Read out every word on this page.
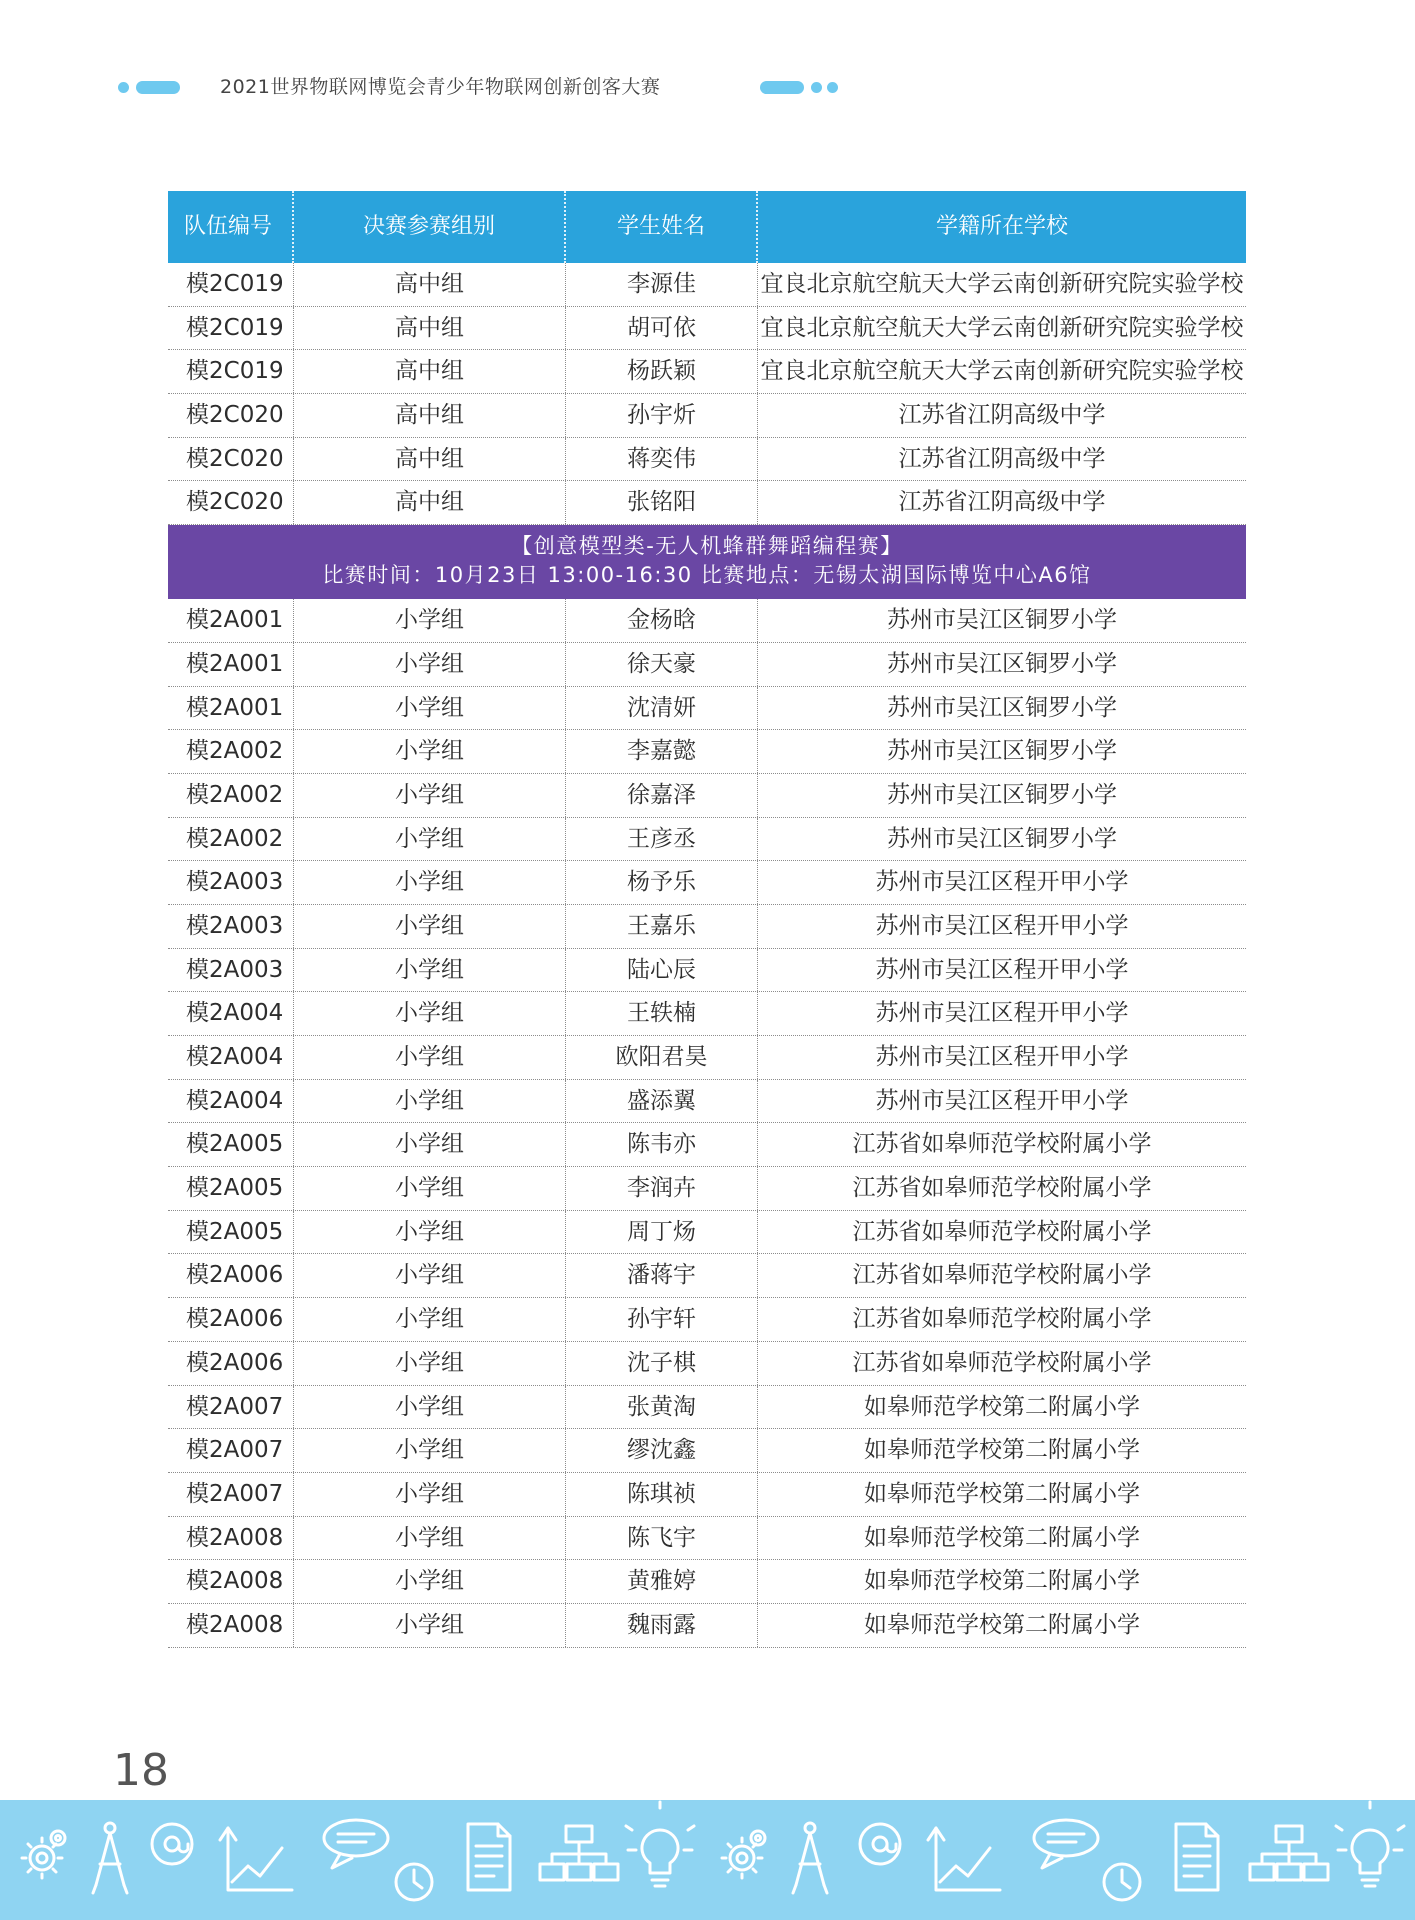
2021世界物联网博览会青少年物联网创新创客大赛
队伍编号	决赛参赛组别	学生姓名	学籍所在学校
模2C019	高中组	李源佳	宜良北京航空航天大学云南创新研究院实验学校
模2C019	高中组	胡可依	宜良北京航空航天大学云南创新研究院实验学校
模2C019	高中组	杨跃颖	宜良北京航空航天大学云南创新研究院实验学校
模2C020	高中组	孙宇炘	江苏省江阴高级中学
模2C020	高中组	蒋奕伟	江苏省江阴高级中学
模2C020	高中组	张铭阳	江苏省江阴高级中学
【创意模型类-无人机蜂群舞蹈编程赛】
比赛时间：10月23日 13:00-16:30 比赛地点：无锡太湖国际博览中心A6馆
模2A001	小学组	金杨晗	苏州市吴江区铜罗小学
模2A001	小学组	徐天豪	苏州市吴江区铜罗小学
模2A001	小学组	沈清妍	苏州市吴江区铜罗小学
模2A002	小学组	李嘉懿	苏州市吴江区铜罗小学
模2A002	小学组	徐嘉泽	苏州市吴江区铜罗小学
模2A002	小学组	王彦丞	苏州市吴江区铜罗小学
模2A003	小学组	杨予乐	苏州市吴江区程开甲小学
模2A003	小学组	王嘉乐	苏州市吴江区程开甲小学
模2A003	小学组	陆心辰	苏州市吴江区程开甲小学
模2A004	小学组	王轶楠	苏州市吴江区程开甲小学
模2A004	小学组	欧阳君昊	苏州市吴江区程开甲小学
模2A004	小学组	盛添翼	苏州市吴江区程开甲小学
模2A005	小学组	陈韦亦	江苏省如皋师范学校附属小学
模2A005	小学组	李润卉	江苏省如皋师范学校附属小学
模2A005	小学组	周丁炀	江苏省如皋师范学校附属小学
模2A006	小学组	潘蒋宇	江苏省如皋师范学校附属小学
模2A006	小学组	孙宇轩	江苏省如皋师范学校附属小学
模2A006	小学组	沈子棋	江苏省如皋师范学校附属小学
模2A007	小学组	张黄淘	如皋师范学校第二附属小学
模2A007	小学组	缪沈鑫	如皋师范学校第二附属小学
模2A007	小学组	陈琪祯	如皋师范学校第二附属小学
模2A008	小学组	陈飞宇	如皋师范学校第二附属小学
模2A008	小学组	黄雅婷	如皋师范学校第二附属小学
模2A008	小学组	魏雨露	如皋师范学校第二附属小学
18
